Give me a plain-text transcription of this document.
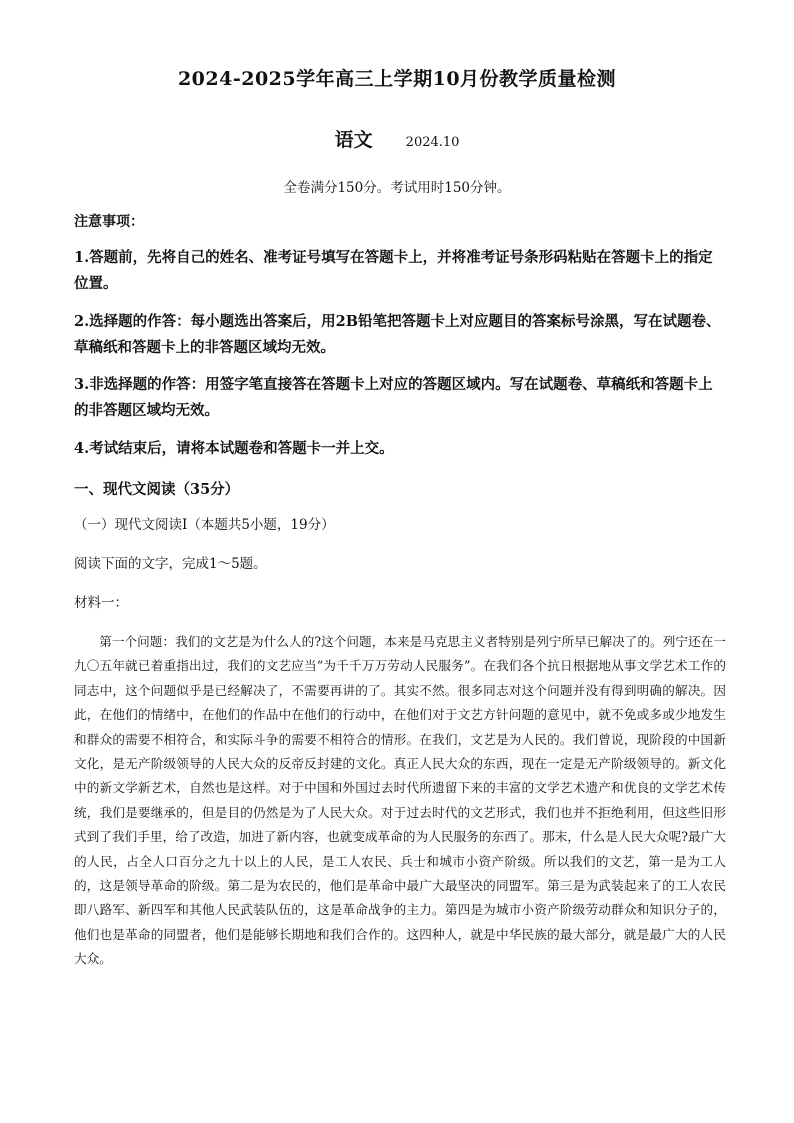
2024-2025学年高三上学期10月份教学质量检测
语文	2024.10
全卷满分150分。考试用时150分钟。
注意事项：
1.答题前，先将自己的姓名、准考证号填写在答题卡上，并将准考证号条形码粘贴在答题卡上的指定位置。
2.选择题的作答：每小题选出答案后，用2B铅笔把答题卡上对应题目的答案标号涂黑，写在试题卷、草稿纸和答题卡上的非答题区域均无效。
3.非选择题的作答：用签字笔直接答在答题卡上对应的答题区域内。写在试题卷、草稿纸和答题卡上的非答题区域均无效。
4.考试结束后，请将本试题卷和答题卡一并上交。
一、现代文阅读（35分）
（一）现代文阅读Ⅰ（本题共5小题，19分）
阅读下面的文字，完成1～5题。
材料一：
第一个问题：我们的文艺是为什么人的?这个问题，本来是马克思主义者特别是列宁所早已解决了的。列宁还在一九〇五年就已着重指出过，我们的文艺应当“为千千万万劳动人民服务”。在我们各个抗日根据地从事文学艺术工作的同志中，这个问题似乎是已经解决了，不需要再讲的了。其实不然。很多同志对这个问题并没有得到明确的解决。因此，在他们的情绪中，在他们的作品中在他们的行动中，在他们对于文艺方针问题的意见中，就不免或多或少地发生和群众的需要不相符合，和实际斗争的需要不相符合的情形。在我们，文艺是为人民的。我们曾说，现阶段的中国新文化，是无产阶级领导的人民大众的反帝反封建的文化。真正人民大众的东西，现在一定是无产阶级领导的。新文化中的新文学新艺术，自然也是这样。对于中国和外国过去时代所遗留下来的丰富的文学艺术遗产和优良的文学艺术传统，我们是要继承的，但是目的仍然是为了人民大众。对于过去时代的文艺形式，我们也并不拒绝利用，但这些旧形式到了我们手里，给了改造，加进了新内容，也就变成革命的为人民服务的东西了。那末，什么是人民大众呢?最广大的人民，占全人口百分之九十以上的人民，是工人农民、兵士和城市小资产阶级。所以我们的文艺，第一是为工人的，这是领导革命的阶级。第二是为农民的，他们是革命中最广大最坚决的同盟军。第三是为武装起来了的工人农民即八路军、新四军和其他人民武装队伍的，这是革命战争的主力。第四是为城市小资产阶级劳动群众和知识分子的，他们也是革命的同盟者，他们是能够长期地和我们合作的。这四种人，就是中华民族的最大部分，就是最广大的人民大众。
